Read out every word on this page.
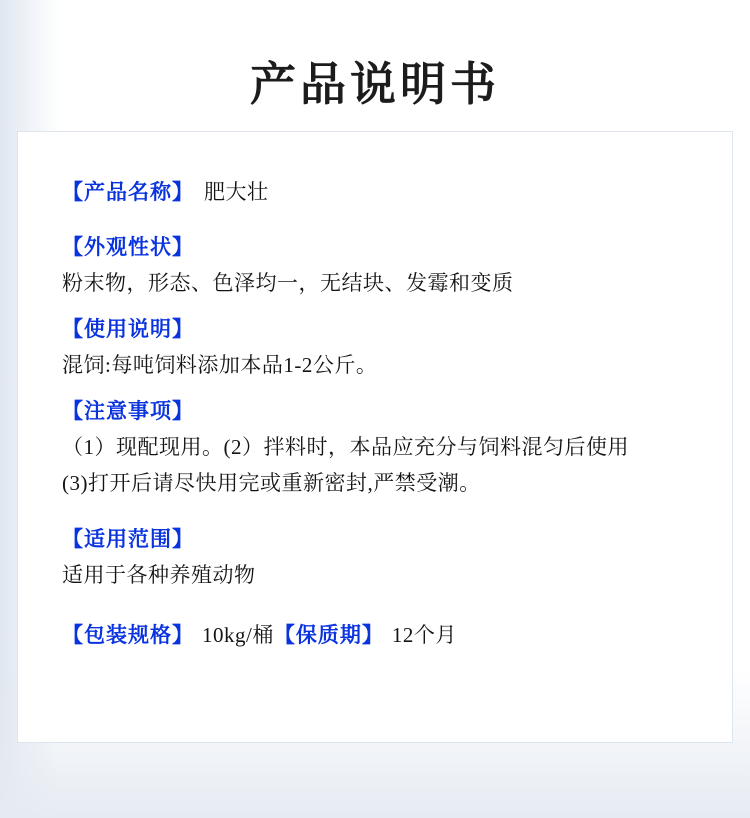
产品说明书
【产品名称】 肥大壮
【外观性状】
粉末物，形态、色泽均一，无结块、发霉和变质
【使用说明】
混饲:每吨饲料添加本品1-2公斤。
【注意事项】
（1）现配现用。(2）拌料时，本品应充分与饲料混匀后使用
(3)打开后请尽快用完或重新密封,严禁受潮。
【适用范围】
适用于各种养殖动物
【包装规格】 10kg/桶 【保质期】 12个月
